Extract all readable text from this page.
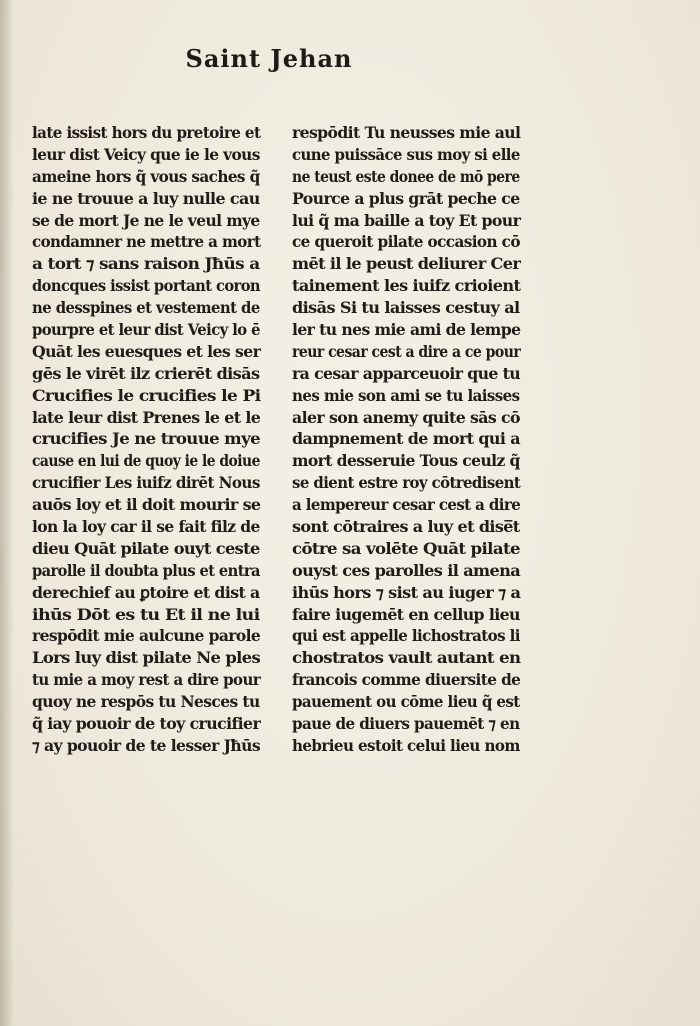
Saint Jehan
late issist hors du pretoire et
leur dist Veicy que ie le vous
ameine hors q̃ vous saches q̃
ie ne trouue a luy nulle cau
se de mort Je ne le veul mye
condamner ne mettre a mort
a tort ⁊ sans raison Jħūs a
doncques issist portant coron
ne desspines et vestement de
pourpre et leur dist Veicy lo ē
Quāt les euesques et les ser
gēs le virēt ilz crierēt disās
Crucifies le crucifies le Pi
late leur dist Prenes le et le
crucifies Je ne trouue mye
cause en lui de quoy ie le doiue
crucifier Les iuifz dirēt Nous
auōs loy et il doit mourir se
lon la loy car il se fait filz de
dieu Quāt pilate ouyt ceste
parolle il doubta plus et entra
derechief au ꝑtoire et dist a
ihūs Dōt es tu Et il ne lui
respōdit mie aulcune parole
Lors luy dist pilate Ne ples
tu mie a moy rest a dire pour
quoy ne respōs tu Nesces tu
q̃ iay pouoir de toy crucifier
⁊ ay pouoir de te lesser Jħūs
respōdit Tu neusses mie aul
cune puissāce sus moy si elle
ne teust este donee de mō pere
Pource a plus grāt peche ce
lui q̃ ma baille a toy Et pour
ce queroit pilate occasion cō
mēt il le peust deliurer Cer
tainement les iuifz crioient
disās Si tu laisses cestuy al
ler tu nes mie ami de lempe
reur cesar cest a dire a ce pour
ra cesar apparceuoir que tu
nes mie son ami se tu laisses
aler son anemy quite sās cō
dampnement de mort qui a
mort desseruie Tous ceulz q̃
se dient estre roy cōtredisent
a lempereur cesar cest a dire
sont cōtraires a luy et dise̅t
cōtre sa volēte Quāt pilate
ouyst ces parolles il amena
ihūs hors ⁊ sist au iuger ⁊ a
faire iugemēt en cellup lieu
qui est appelle lichostratos li
chostratos vault autant en
francois comme diuersite de
pauement ou cōme lieu q̃ est
paue de diuers pauemēt ⁊ en
hebrieu estoit celui lieu nom
